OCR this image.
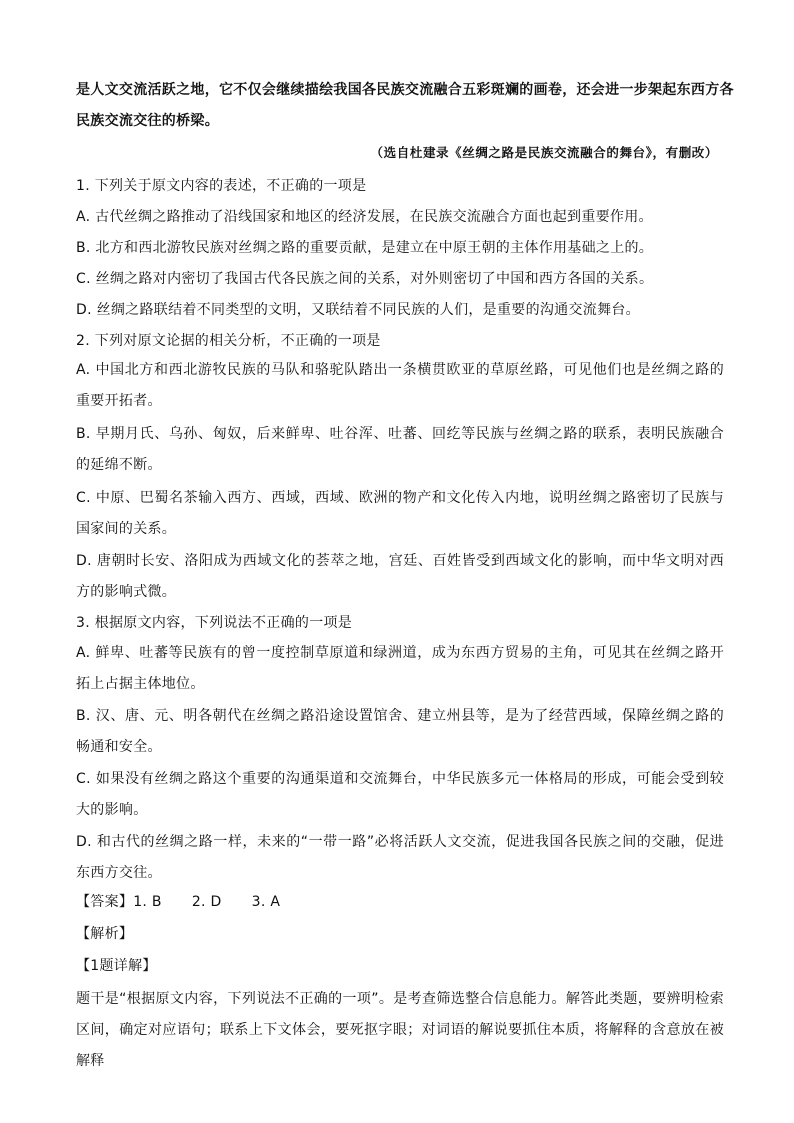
是人文交流活跃之地，它不仅会继续描绘我国各民族交流融合五彩斑斓的画卷，还会进一步架起东西方各
民族交流交往的桥梁。
（选自杜建录《丝绸之路是民族交流融合的舞台》，有删改）
1. 下列关于原文内容的表述，不正确的一项是
A. 古代丝绸之路推动了沿线国家和地区的经济发展，在民族交流融合方面也起到重要作用。
B. 北方和西北游牧民族对丝绸之路的重要贡献，是建立在中原王朝的主体作用基础之上的。
C. 丝绸之路对内密切了我国古代各民族之间的关系，对外则密切了中国和西方各国的关系。
D. 丝绸之路联结着不同类型的文明，又联结着不同民族的人们，是重要的沟通交流舞台。
2. 下列对原文论据的相关分析，不正确的一项是

A. 中国北方和西北游牧民族的马队和骆驼队踏出一条横贯欧亚的草原丝路，可见他们也是丝绸之路的重要开拓者。

B. 早期月氏、乌孙、匈奴，后来鲜卑、吐谷浑、吐蕃、回纥等民族与丝绸之路的联系，表明民族融合的延绵不断。

C. 中原、巴蜀名茶输入西方、西域，西域、欧洲的物产和文化传入内地，说明丝绸之路密切了民族与国家间的关系。

D. 唐朝时长安、洛阳成为西域文化的荟萃之地，宫廷、百姓皆受到西域文化的影响，而中华文明对西方的影响式微。

3. 根据原文内容，下列说法不正确的一项是

A. 鲜卑、吐蕃等民族有的曾一度控制草原道和绿洲道，成为东西方贸易的主角，可见其在丝绸之路开拓上占据主体地位。

B. 汉、唐、元、明各朝代在丝绸之路沿途设置馆舍、建立州县等，是为了经营西域，保障丝绸之路的畅通和安全。

C. 如果没有丝绸之路这个重要的沟通渠道和交流舞台，中华民族多元一体格局的形成，可能会受到较大的影响。

D. 和古代的丝绸之路一样，未来的“一带一路”必将活跃人文交流，促进我国各民族之间的交融，促进东西方交往。

【答案】1. B 2. D 3. A
【解析】
【1题详解】

题干是“根据原文内容，下列说法不正确的一项”。是考查筛选整合信息能力。解答此类题，要辨明检索区间，确定对应语句；联系上下文体会，要死抠字眼；对词语的解说要抓住本质，将解释的含意放在被解释
